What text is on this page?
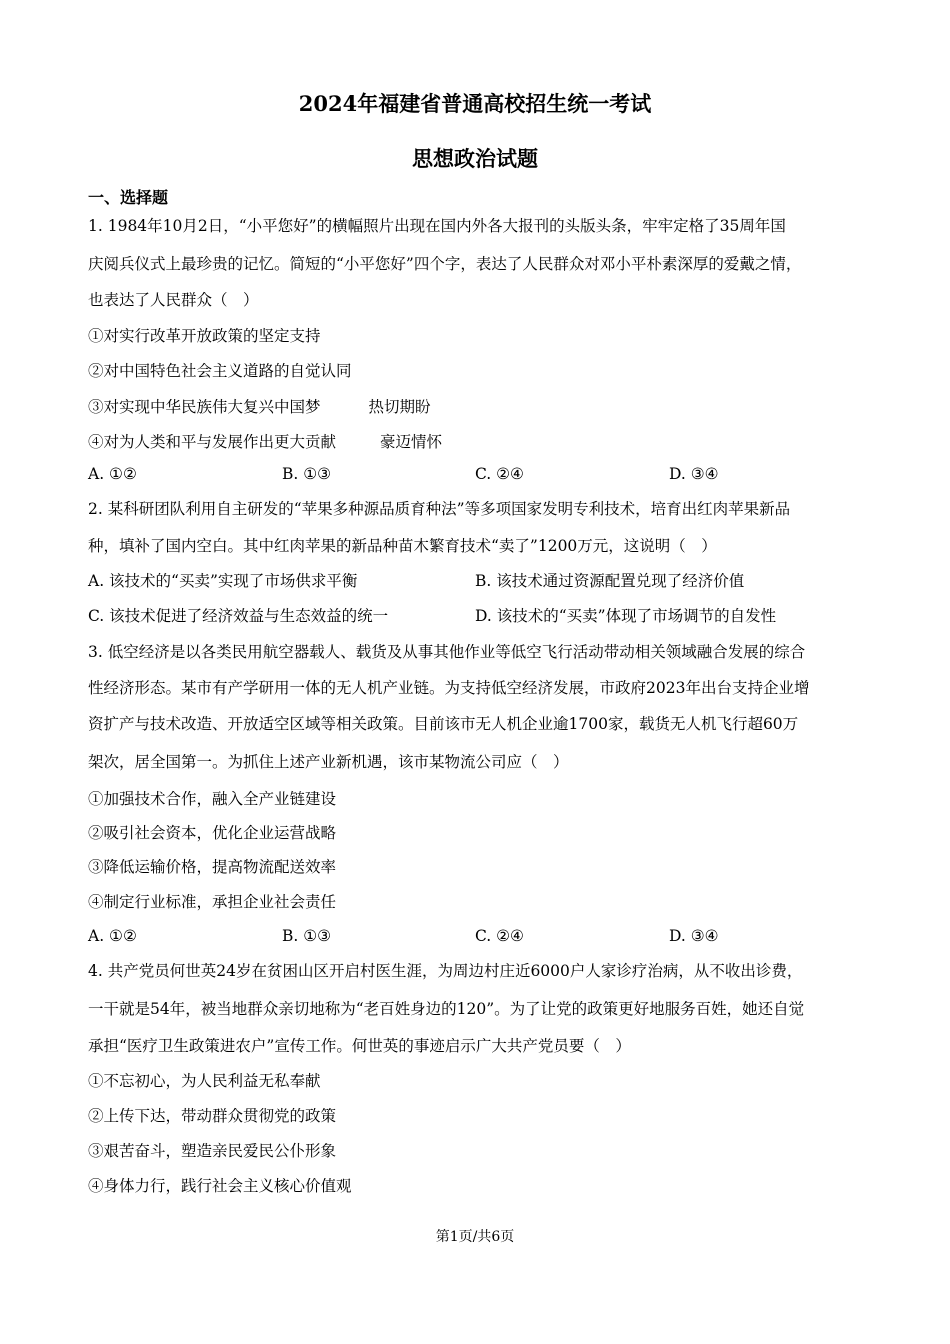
2024年福建省普通高校招生统一考试
思想政治试题
一、选择题
1. 1984年10月2日，“小平您好”的横幅照片出现在国内外各大报刊的头版头条，牢牢定格了35周年国
庆阅兵仪式上最珍贵的记忆。简短的“小平您好”四个字，表达了人民群众对邓小平朴素深厚的爱戴之情，
也表达了人民群众（　）
①对实行改革开放政策的坚定支持
②对中国特色社会主义道路的自觉认同
③对实现中华民族伟大复兴中国梦	热切期盼
④对为人类和平与发展作出更大贡献	豪迈情怀
A. ①②	B. ①③	C. ②④	D. ③④
2. 某科研团队利用自主研发的“苹果多种源品质育种法”等多项国家发明专利技术，培育出红肉苹果新品
种，填补了国内空白。其中红肉苹果的新品种苗木繁育技术“卖了”1200万元，这说明（　）
A. 该技术的“买卖”实现了市场供求平衡	B. 该技术通过资源配置兑现了经济价值
C. 该技术促进了经济效益与生态效益的统一	D. 该技术的“买卖”体现了市场调节的自发性
3. 低空经济是以各类民用航空器载人、载货及从事其他作业等低空飞行活动带动相关领域融合发展的综合
性经济形态。某市有产学研用一体的无人机产业链。为支持低空经济发展，市政府2023年出台支持企业增
资扩产与技术改造、开放适空区域等相关政策。目前该市无人机企业逾1700家，载货无人机飞行超60万
架次，居全国第一。为抓住上述产业新机遇，该市某物流公司应（　）
①加强技术合作，融入全产业链建设
②吸引社会资本，优化企业运营战略
③降低运输价格，提高物流配送效率
④制定行业标准，承担企业社会责任
A. ①②	B. ①③	C. ②④	D. ③④
4. 共产党员何世英24岁在贫困山区开启村医生涯，为周边村庄近6000户人家诊疗治病，从不收出诊费，
一干就是54年，被当地群众亲切地称为“老百姓身边的120”。为了让党的政策更好地服务百姓，她还自觉
承担“医疗卫生政策进农户”宣传工作。何世英的事迹启示广大共产党员要（　）
①不忘初心，为人民利益无私奉献
②上传下达，带动群众贯彻党的政策
③艰苦奋斗，塑造亲民爱民公仆形象
④身体力行，践行社会主义核心价值观
第1页/共6页
